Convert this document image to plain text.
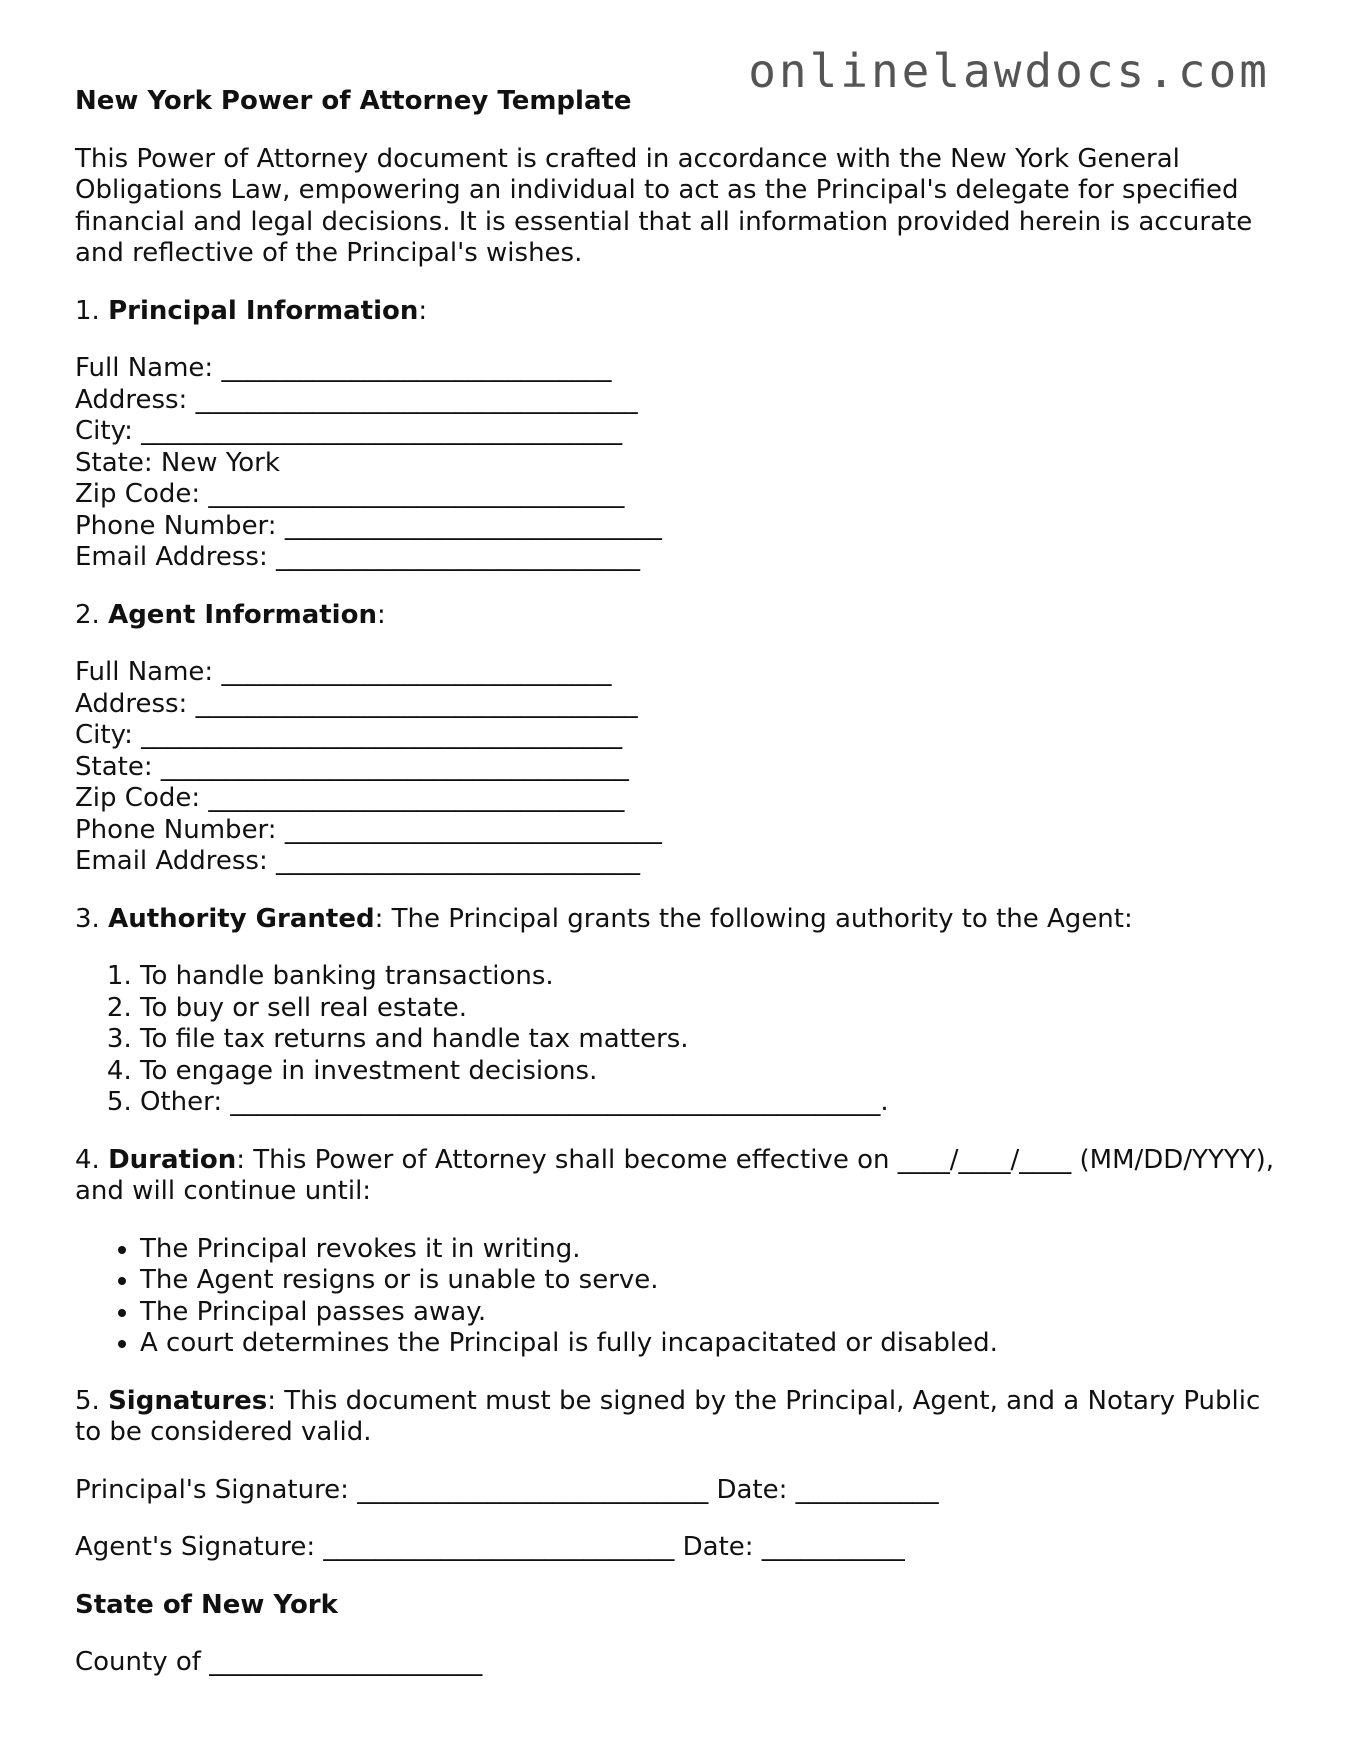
onlinelawdocs.com
New York Power of Attorney Template

This Power of Attorney document is crafted in accordance with the New York General Obligations Law, empowering an individual to act as the Principal's delegate for specified financial and legal decisions. It is essential that all information provided herein is accurate and reflective of the Principal's wishes.

1. Principal Information:
Full Name: ______________________________
Address: __________________________________
City: _____________________________________
State: New York
Zip Code: ________________________________
Phone Number: _____________________________
Email Address: ____________________________
2. Agent Information:
Full Name: ______________________________
Address: __________________________________
City: _____________________________________
State: ____________________________________
Zip Code: ________________________________
Phone Number: _____________________________
Email Address: ____________________________
3. Authority Granted: The Principal grants the following authority to the Agent:
1. To handle banking transactions.
2. To buy or sell real estate.
3. To file tax returns and handle tax matters.
4. To engage in investment decisions.
5. Other: __________________________________________________.
4. Duration: This Power of Attorney shall become effective on ____/____/____ (MM/DD/YYYY), and will continue until:
• The Principal revokes it in writing.
• The Agent resigns or is unable to serve.
• The Principal passes away.
• A court determines the Principal is fully incapacitated or disabled.
5. Signatures: This document must be signed by the Principal, Agent, and a Notary Public to be considered valid.
Principal's Signature: ___________________________ Date: ___________
Agent's Signature: ___________________________ Date: ___________
State of New York
County of _____________________
